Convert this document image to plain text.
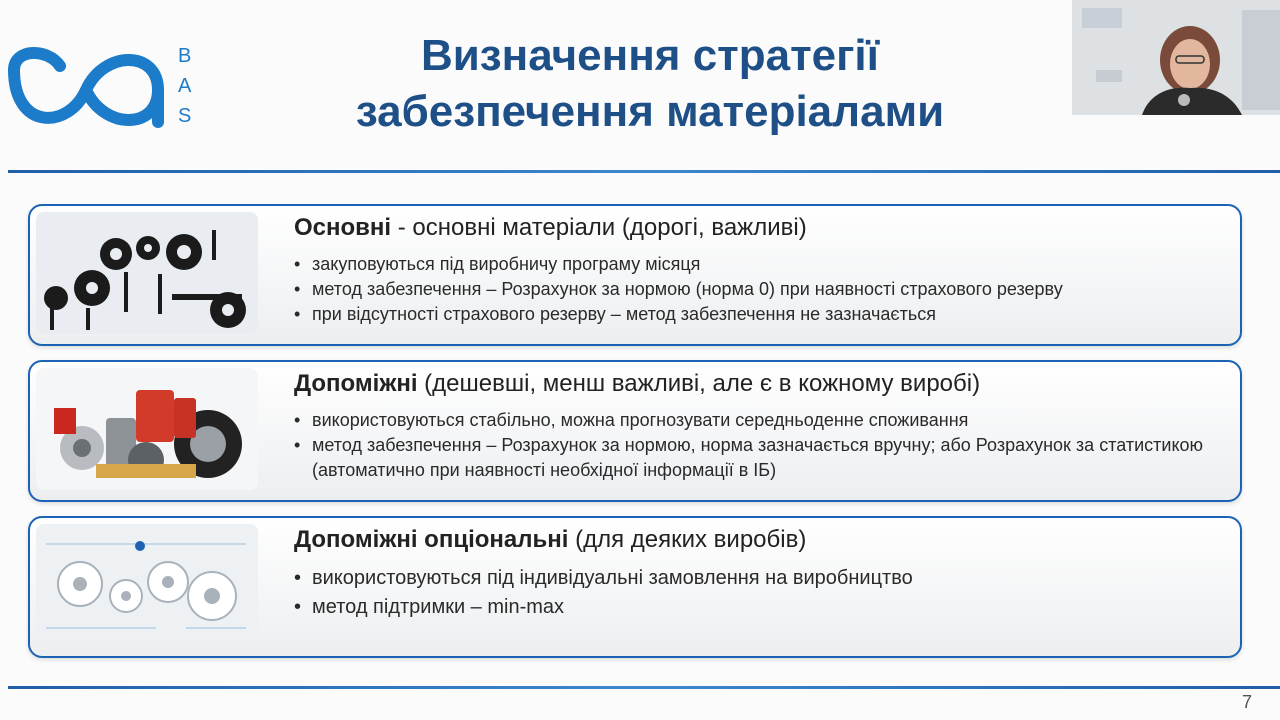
B
A
S
Визначення стратегії
забезпечення матеріалами
Основні - основні матеріали (дорогі, важливі)
• закуповуються під виробничу програму місяця
• метод забезпечення – Розрахунок за нормою (норма 0) при наявності страхового резерву
• при відсутності страхового резерву – метод забезпечення не зазначається
Допоміжні (дешевші, менш важливі, але є в кожному виробі)
• використовуються стабільно, можна прогнозувати середньоденне споживання
• метод забезпечення – Розрахунок за нормою, норма зазначається вручну; або Розрахунок за статистикою (автоматично при наявності необхідної інформації в ІБ)
Допоміжні опціональні (для деяких виробів)
• використовуються під індивідуальні замовлення на виробництво
• метод підтримки – min-max
7
